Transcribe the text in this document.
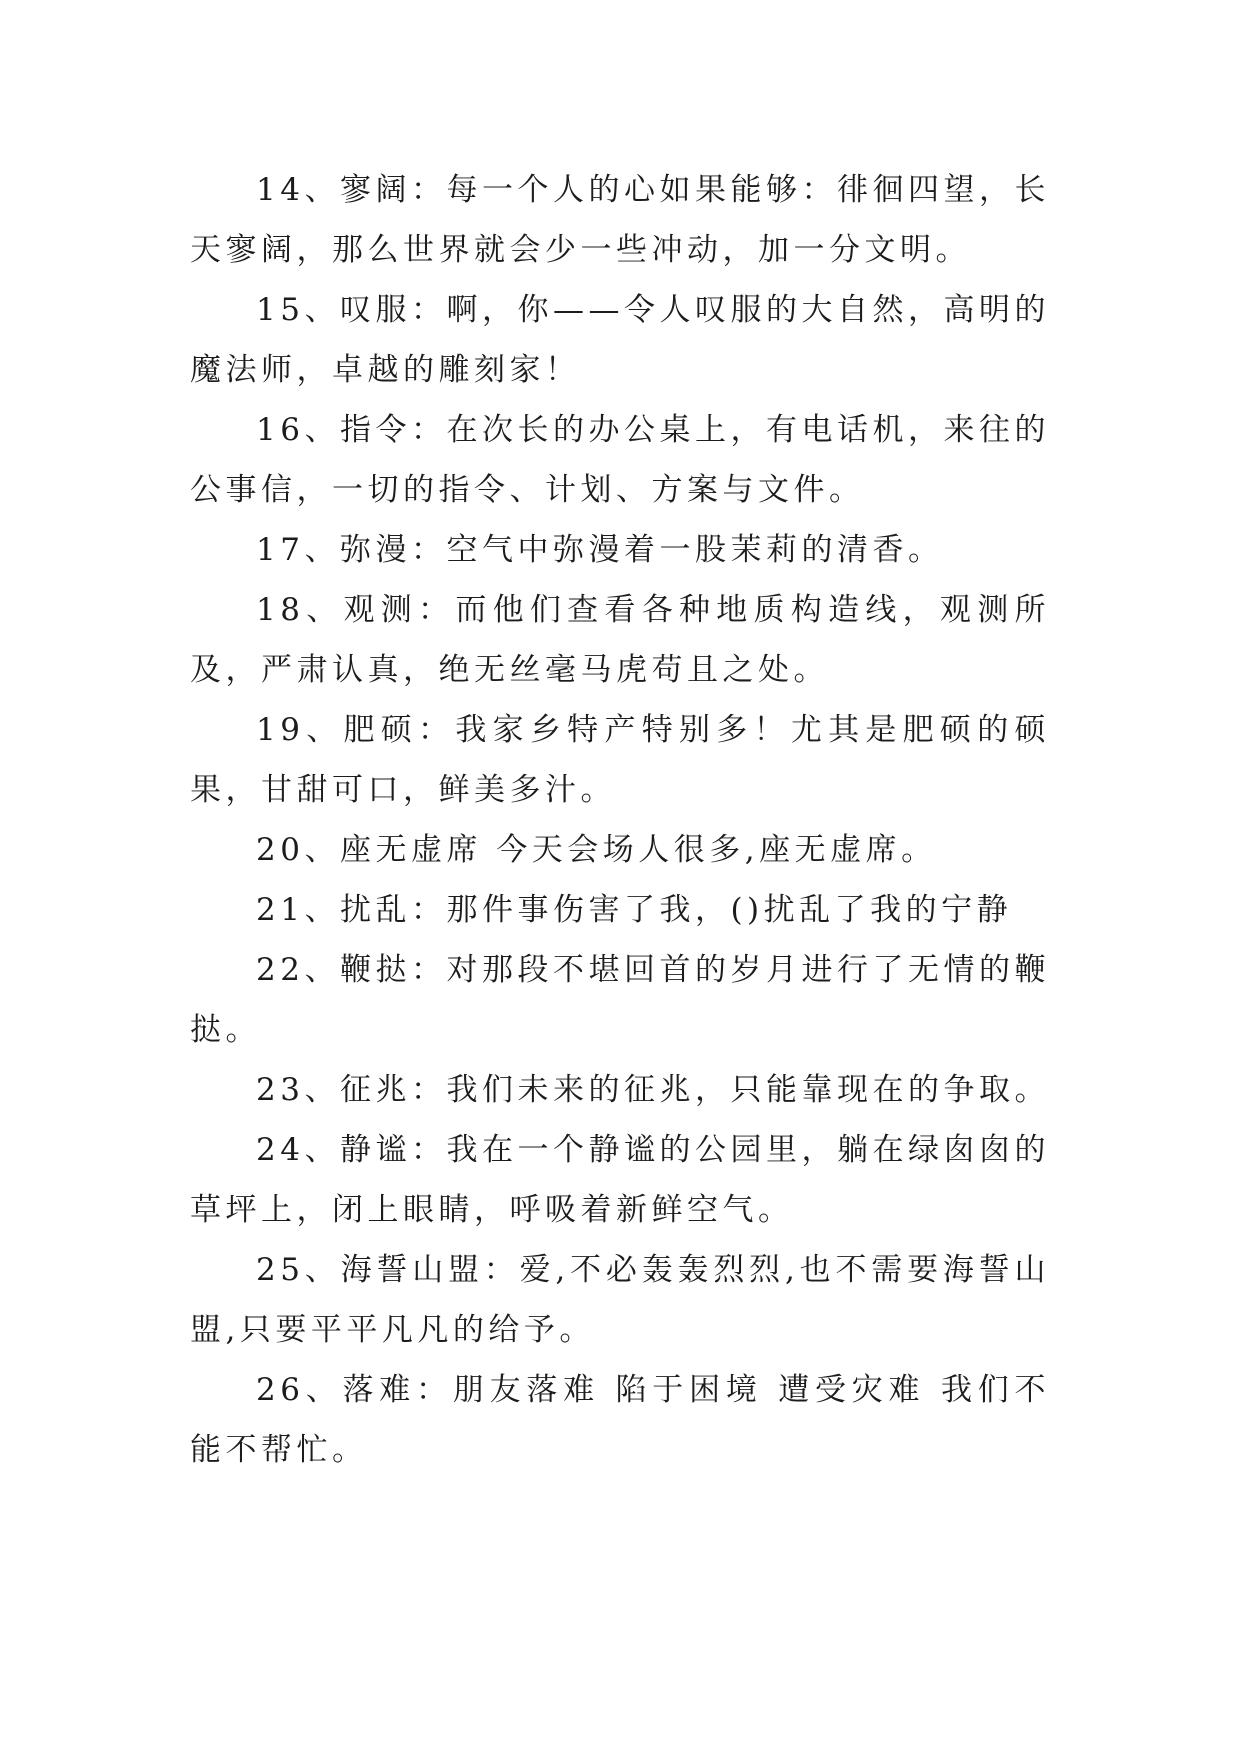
14、寥阔：每一个人的心如果能够：徘徊四望，长天寥阔，那么世界就会少一些冲动，加一分文明。

15、叹服：啊，你——令人叹服的大自然，高明的魔法师，卓越的雕刻家！

16、指令：在次长的办公桌上，有电话机，来往的公事信，一切的指令、计划、方案与文件。

17、弥漫：空气中弥漫着一股茉莉的清香。

18、观测：而他们查看各种地质构造线，观测所及，严肃认真，绝无丝毫马虎苟且之处。

19、肥硕：我家乡特产特别多！尤其是肥硕的硕果，甘甜可口，鲜美多汁。

20、座无虚席 今天会场人很多,座无虚席。

21、扰乱：那件事伤害了我，()扰乱了我的宁静

22、鞭挞：对那段不堪回首的岁月进行了无情的鞭挞。

23、征兆：我们未来的征兆，只能靠现在的争取。

24、静谧：我在一个静谧的公园里，躺在绿囱囱的草坪上，闭上眼睛，呼吸着新鲜空气。

25、海誓山盟：爱,不必轰轰烈烈,也不需要海誓山盟,只要平平凡凡的给予。

26、落难：朋友落难 陷于困境 遭受灾难 我们不能不帮忙。
